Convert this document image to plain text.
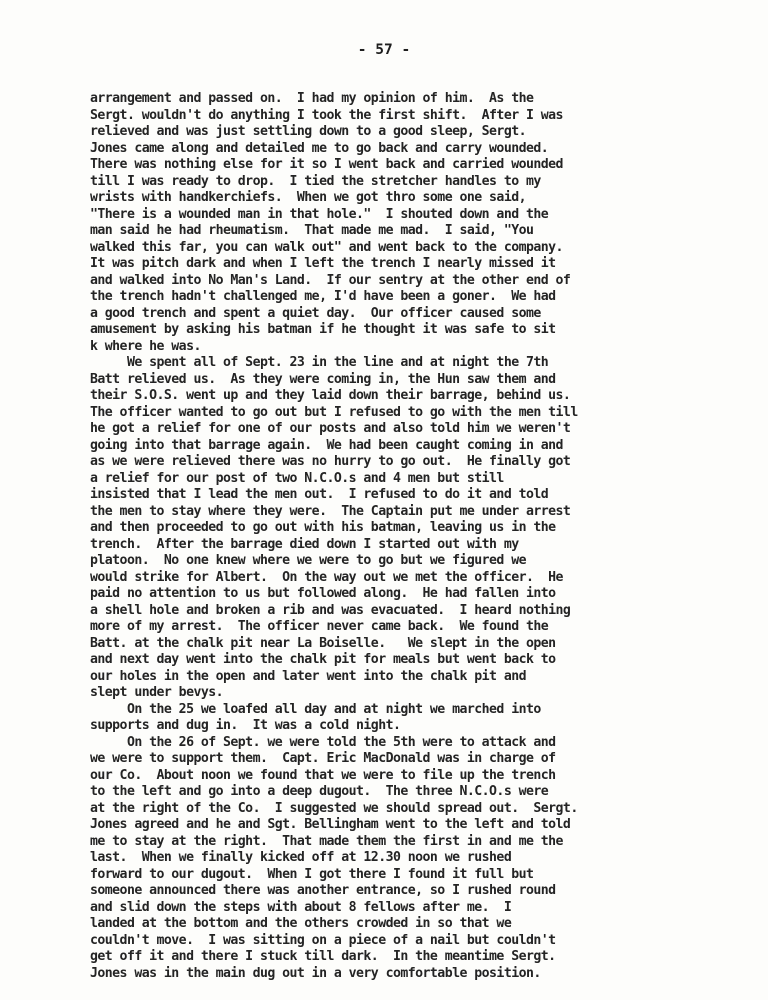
- 57 -
arrangement and passed on.  I had my opinion of him.  As the
Sergt. wouldn't do anything I took the first shift.  After I was
relieved and was just settling down to a good sleep, Sergt.
Jones came along and detailed me to go back and carry wounded.
There was nothing else for it so I went back and carried wounded
till I was ready to drop.  I tied the stretcher handles to my
wrists with handkerchiefs.  When we got thro some one said,
"There is a wounded man in that hole."  I shouted down and the
man said he had rheumatism.  That made me mad.  I said, "You
walked this far, you can walk out" and went back to the company.
It was pitch dark and when I left the trench I nearly missed it
and walked into No Man's Land.  If our sentry at the other end of
the trench hadn't challenged me, I'd have been a goner.  We had
a good trench and spent a quiet day.  Our officer caused some
amusement by asking his batman if he thought it was safe to sit
k where he was.
We spent all of Sept. 23 in the line and at night the 7th
Batt relieved us.  As they were coming in, the Hun saw them and
their S.O.S. went up and they laid down their barrage, behind us.
The officer wanted to go out but I refused to go with the men till
he got a relief for one of our posts and also told him we weren't
going into that barrage again.  We had been caught coming in and
as we were relieved there was no hurry to go out.  He finally got
a relief for our post of two N.C.O.s and 4 men but still
insisted that I lead the men out.  I refused to do it and told
the men to stay where they were.  The Captain put me under arrest
and then proceeded to go out with his batman, leaving us in the
trench.  After the barrage died down I started out with my
platoon.  No one knew where we were to go but we figured we
would strike for Albert.  On the way out we met the officer.  He
paid no attention to us but followed along.  He had fallen into
a shell hole and broken a rib and was evacuated.  I heard nothing
more of my arrest.  The officer never came back.  We found the
Batt. at the chalk pit near La Boiselle.   We slept in the open
and next day went into the chalk pit for meals but went back to
our holes in the open and later went into the chalk pit and
slept under bevys.
On the 25 we loafed all day and at night we marched into
supports and dug in.  It was a cold night.
On the 26 of Sept. we were told the 5th were to attack and
we were to support them.  Capt. Eric MacDonald was in charge of
our Co.  About noon we found that we were to file up the trench
to the left and go into a deep dugout.  The three N.C.O.s were
at the right of the Co.  I suggested we should spread out.  Sergt.
Jones agreed and he and Sgt. Bellingham went to the left and told
me to stay at the right.  That made them the first in and me the
last.  When we finally kicked off at 12.30 noon we rushed
forward to our dugout.  When I got there I found it full but
someone announced there was another entrance, so I rushed round
and slid down the steps with about 8 fellows after me.  I
landed at the bottom and the others crowded in so that we
couldn't move.  I was sitting on a piece of a nail but couldn't
get off it and there I stuck till dark.  In the meantime Sergt.
Jones was in the main dug out in a very comfortable position.
